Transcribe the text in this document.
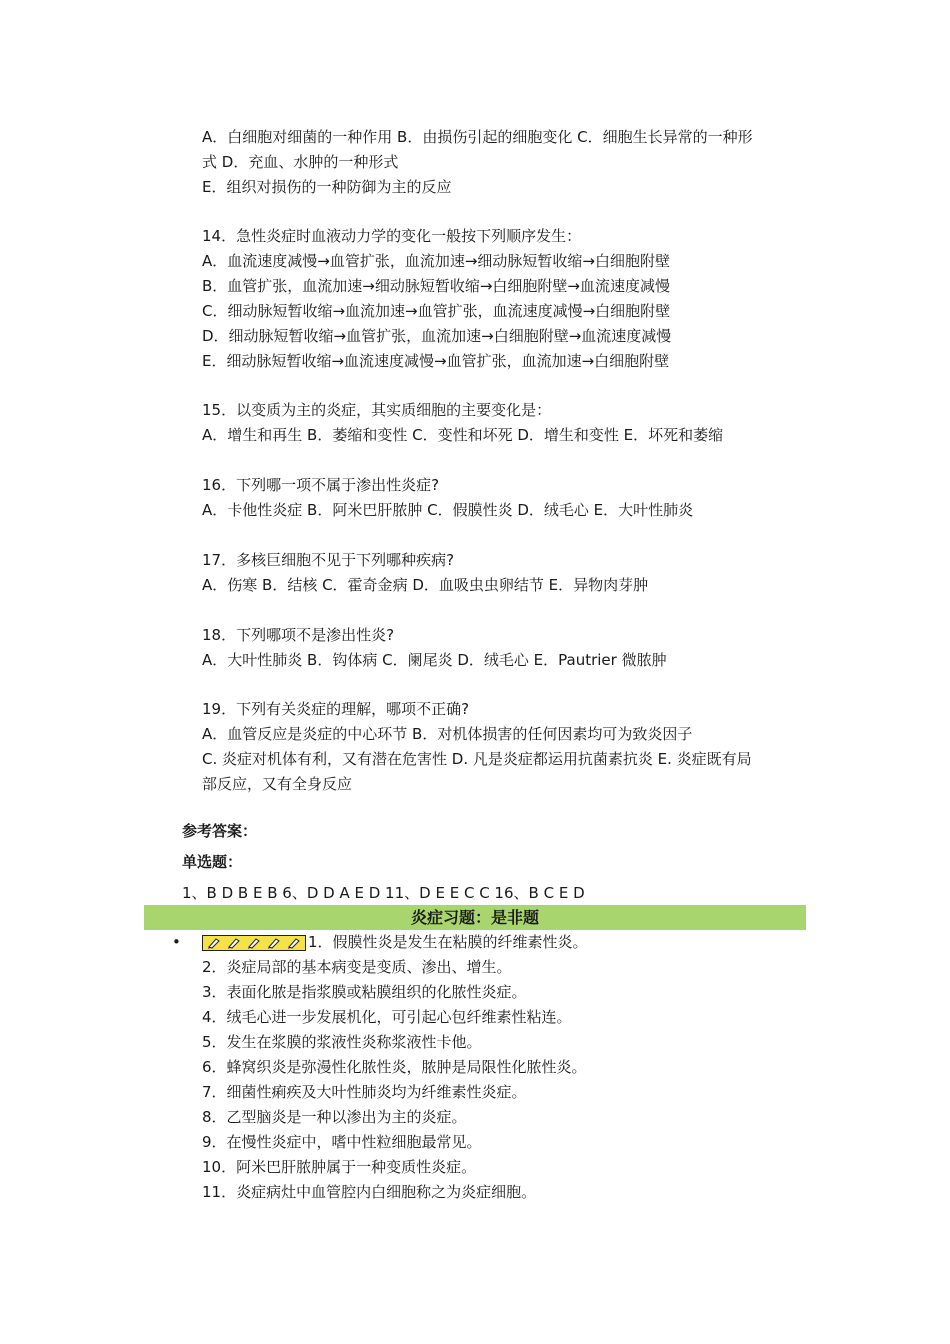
A．白细胞对细菌的一种作用 B．由损伤引起的细胞变化 C．细胞生长异常的一种形
式 D．充血、水肿的一种形式
E．组织对损伤的一种防御为主的反应
14．急性炎症时血液动力学的变化一般按下列顺序发生：
A．血流速度减慢→血管扩张，血流加速→细动脉短暂收缩→白细胞附壁
B．血管扩张，血流加速→细动脉短暂收缩→白细胞附壁→血流速度减慢
C．细动脉短暂收缩→血流加速→血管扩张，血流速度减慢→白细胞附壁
D．细动脉短暂收缩→血管扩张，血流加速→白细胞附壁→血流速度减慢
E．细动脉短暂收缩→血流速度减慢→血管扩张，血流加速→白细胞附壁
15．以变质为主的炎症，其实质细胞的主要变化是：
A．增生和再生 B．萎缩和变性 C．变性和坏死 D．增生和变性 E．坏死和萎缩
16．下列哪一项不属于渗出性炎症?
A．卡他性炎症 B．阿米巴肝脓肿 C．假膜性炎 D．绒毛心 E．大叶性肺炎
17．多核巨细胞不见于下列哪种疾病?
A．伤寒 B．结核 C．霍奇金病 D．血吸虫虫卵结节 E．异物肉芽肿
18．下列哪项不是渗出性炎?
A．大叶性肺炎 B．钩体病 C．阑尾炎 D．绒毛心 E．Pautrier 微脓肿
19．下列有关炎症的理解，哪项不正确?
A．血管反应是炎症的中心环节 B．对机体损害的任何因素均可为致炎因子
C. 炎症对机体有利，又有潜在危害性 D. 凡是炎症都运用抗菌素抗炎 E. 炎症既有局
部反应，又有全身反应
参考答案：
单选题：
1、B D B E B 6、D D A E D 11、D E E C C 16、B C E D
炎症习题：是非题
•	1．假膜性炎是发生在粘膜的纤维素性炎。
2．炎症局部的基本病变是变质、渗出、增生。
3．表面化脓是指浆膜或粘膜组织的化脓性炎症。
4．绒毛心进一步发展机化，可引起心包纤维素性粘连。
5．发生在浆膜的浆液性炎称浆液性卡他。
6．蜂窝织炎是弥漫性化脓性炎，脓肿是局限性化脓性炎。
7．细菌性痢疾及大叶性肺炎均为纤维素性炎症。
8．乙型脑炎是一种以渗出为主的炎症。
9．在慢性炎症中，嗜中性粒细胞最常见。
10．阿米巴肝脓肿属于一种变质性炎症。
11．炎症病灶中血管腔内白细胞称之为炎症细胞。
